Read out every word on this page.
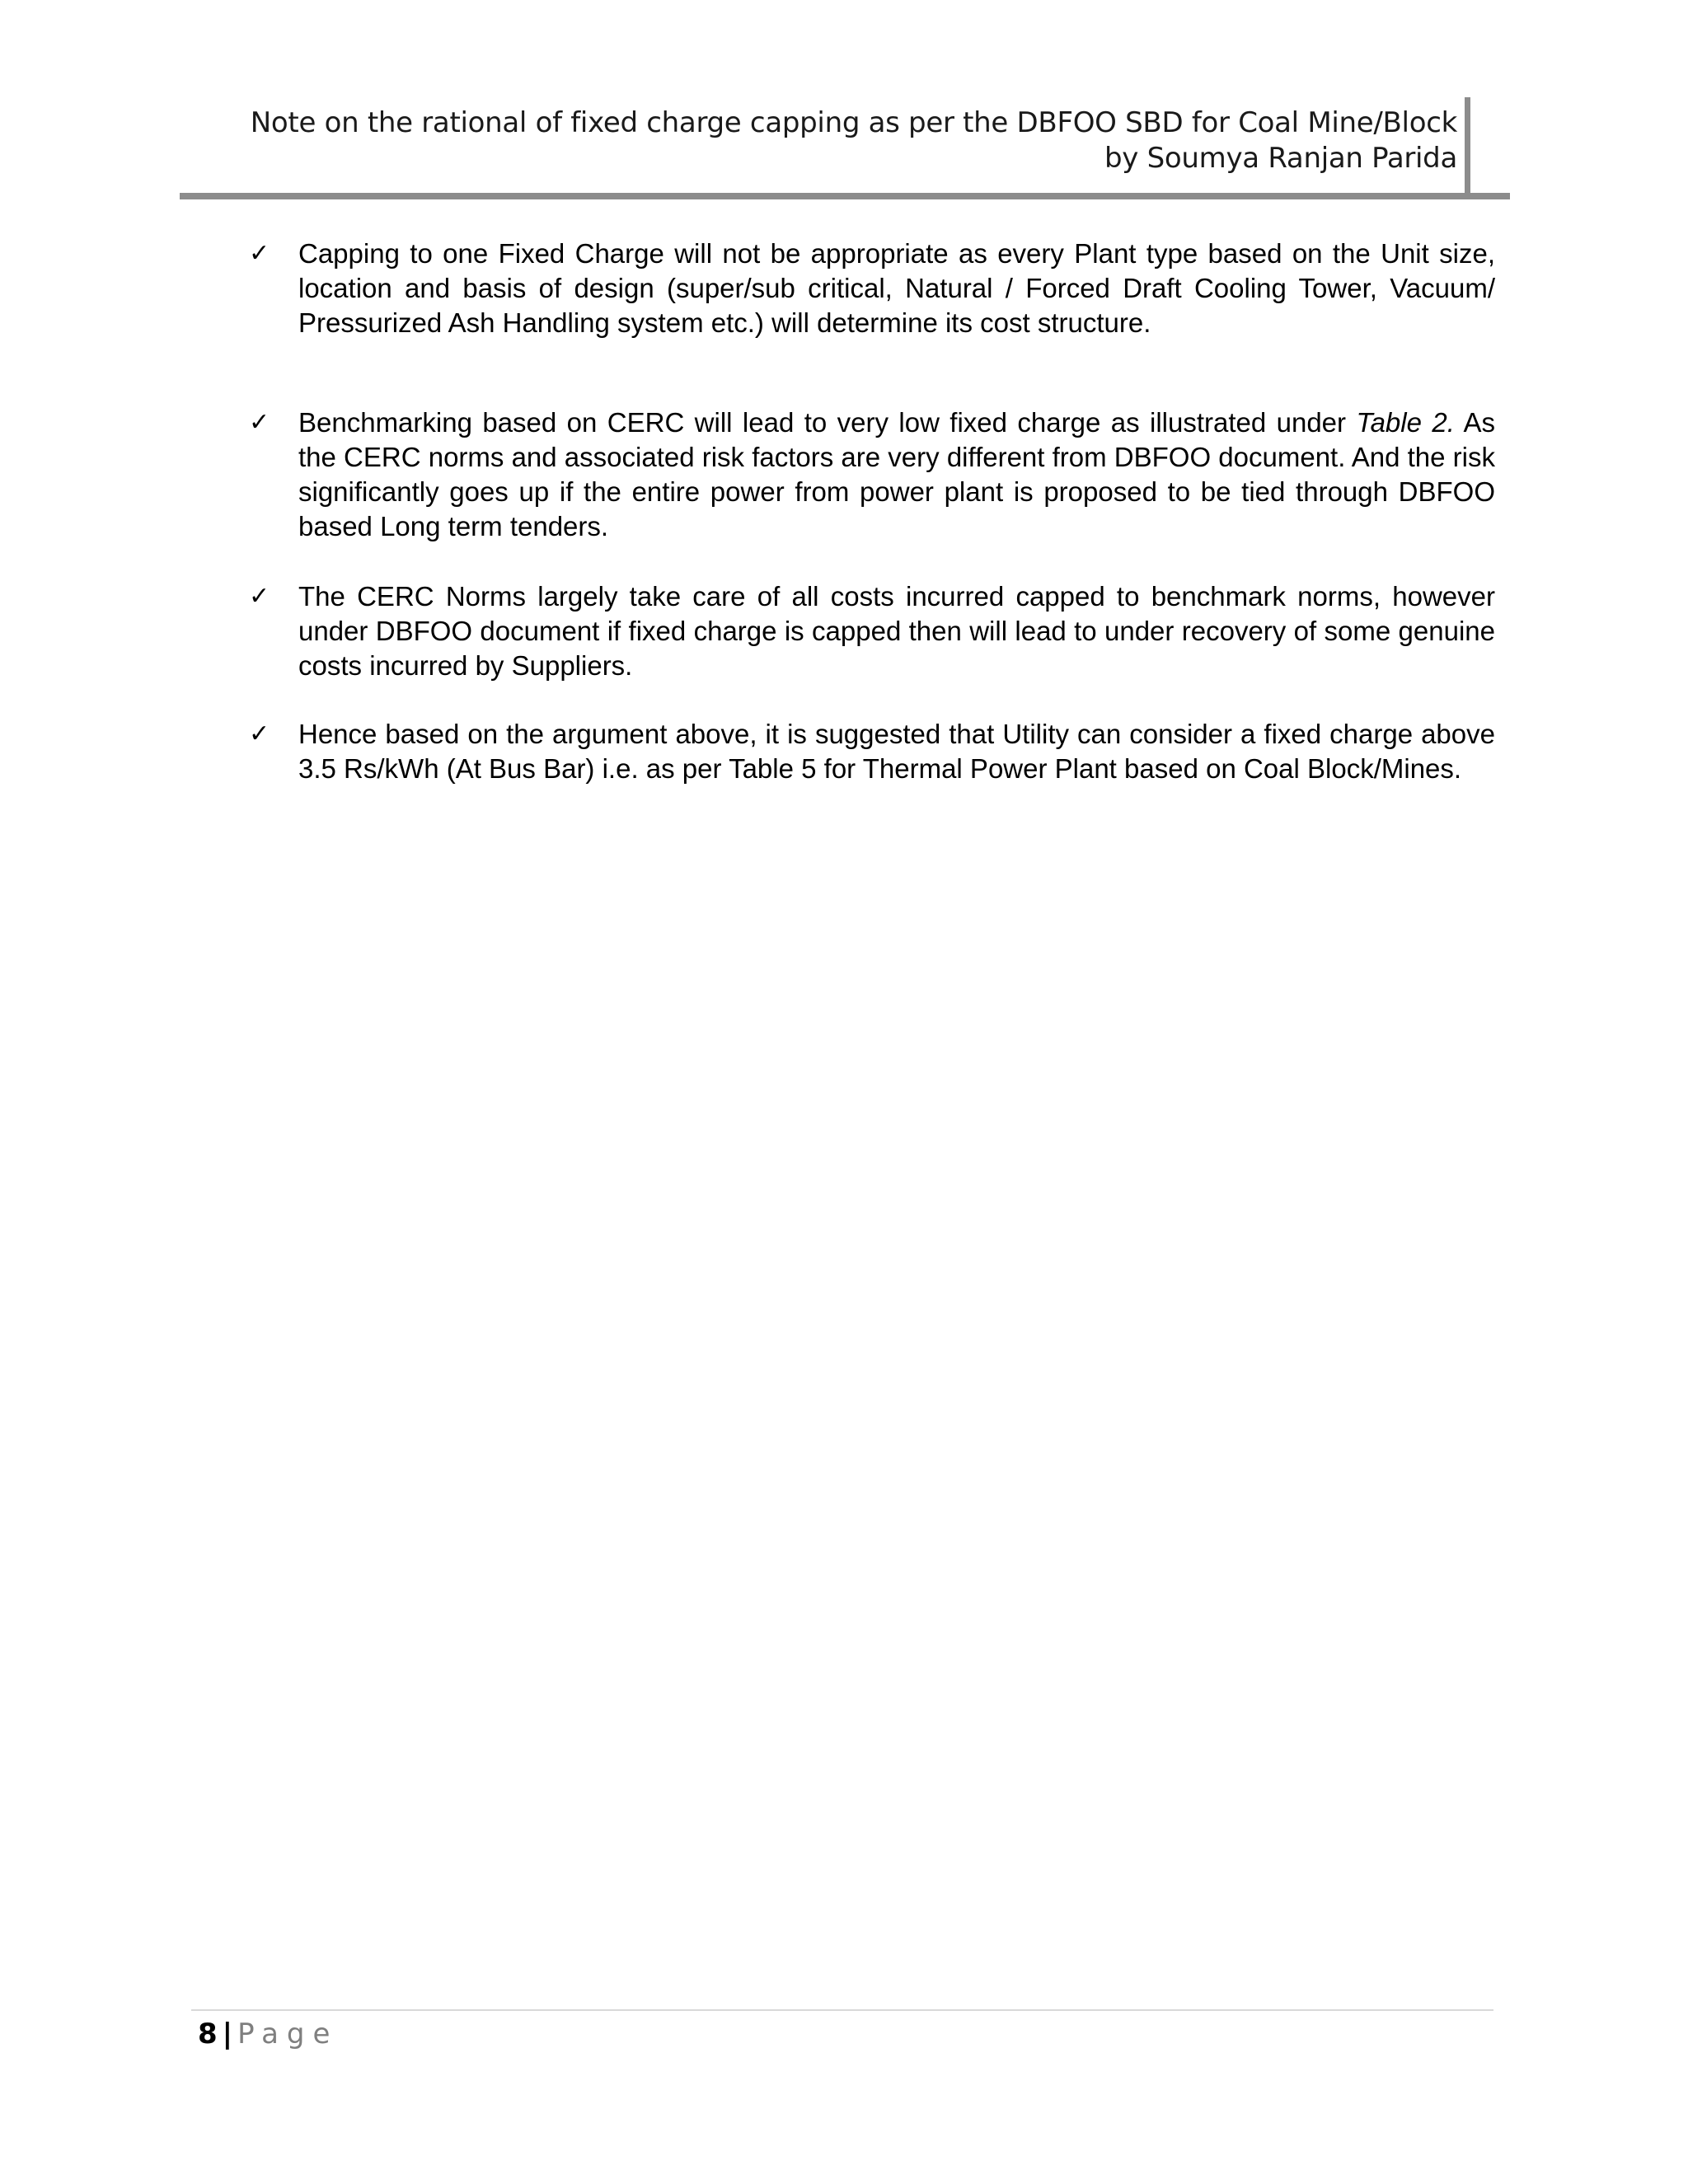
Note on the rational of fixed charge capping as per the DBFOO SBD for Coal Mine/Block
by Soumya Ranjan Parida
✓ Capping to one Fixed Charge will not be appropriate as every Plant type based on the Unit size, location and basis of design (super/sub critical, Natural / Forced Draft Cooling Tower, Vacuum/ Pressurized Ash Handling system etc.) will determine its cost structure.
✓ Benchmarking based on CERC will lead to very low fixed charge as illustrated under Table 2. As the CERC norms and associated risk factors are very different from DBFOO document. And the risk significantly goes up if the entire power from power plant is proposed to be tied through DBFOO based Long term tenders.
✓ The CERC Norms largely take care of all costs incurred capped to benchmark norms, however under DBFOO document if fixed charge is capped then will lead to under recovery of some genuine costs incurred by Suppliers.
✓ Hence based on the argument above, it is suggested that Utility can consider a fixed charge above 3.5 Rs/kWh (At Bus Bar) i.e. as per Table 5 for Thermal Power Plant based on Coal Block/Mines.
8 | Page
